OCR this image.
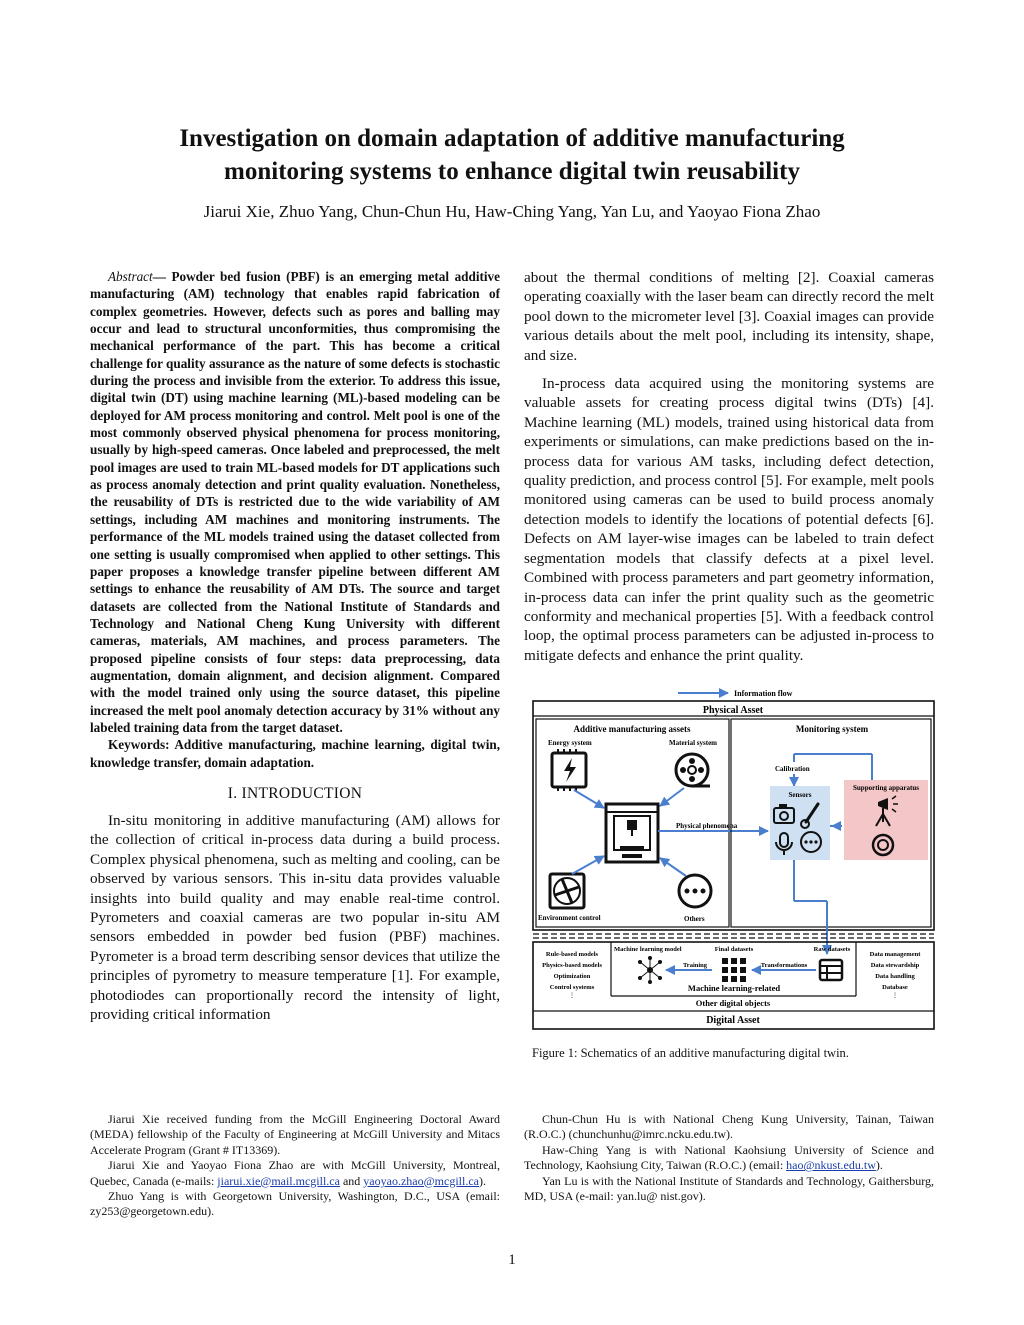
Investigation on domain adaptation of additive manufacturing
monitoring systems to enhance digital twin reusability
Jiarui Xie, Zhuo Yang, Chun-Chun Hu, Haw-Ching Yang, Yan Lu, and Yaoyao Fiona Zhao

Abstract— Powder bed fusion (PBF) is an emerging metal additive manufacturing (AM) technology that enables rapid fabrication of complex geometries. However, defects such as pores and balling may occur and lead to structural unconformities, thus compromising the mechanical performance of the part. This has become a critical challenge for quality assurance as the nature of some defects is stochastic during the process and invisible from the exterior. To address this issue, digital twin (DT) using machine learning (ML)-based modeling can be deployed for AM process monitoring and control. Melt pool is one of the most commonly observed physical phenomena for process monitoring, usually by high-speed cameras. Once labeled and preprocessed, the melt pool images are used to train ML-based models for DT applications such as process anomaly detection and print quality evaluation. Nonetheless, the reusability of DTs is restricted due to the wide variability of AM settings, including AM machines and monitoring instruments. The performance of the ML models trained using the dataset collected from one setting is usually compromised when applied to other settings. This paper proposes a knowledge transfer pipeline between different AM settings to enhance the reusability of AM DTs. The source and target datasets are collected from the National Institute of Standards and Technology and National Cheng Kung University with different cameras, materials, AM machines, and process parameters. The proposed pipeline consists of four steps: data preprocessing, data augmentation, domain alignment, and decision alignment. Compared with the model trained only using the source dataset, this pipeline increased the melt pool anomaly detection accuracy by 31% without any labeled training data from the target dataset.

Keywords: Additive manufacturing, machine learning, digital twin, knowledge transfer, domain adaptation.

I. INTRODUCTION

In-situ monitoring in additive manufacturing (AM) allows for the collection of critical in-process data during a build process. Complex physical phenomena, such as melting and cooling, can be observed by various sensors. This in-situ data provides valuable insights into build quality and may enable real-time control. Pyrometers and coaxial cameras are two popular in-situ AM sensors embedded in powder bed fusion (PBF) machines. Pyrometer is a broad term describing sensor devices that utilize the principles of pyrometry to measure temperature [1]. For example, photodiodes can proportionally record the intensity of light, providing critical information

about the thermal conditions of melting [2]. Coaxial cameras operating coaxially with the laser beam can directly record the melt pool down to the micrometer level [3]. Coaxial images can provide various details about the melt pool, including its intensity, shape, and size.

In-process data acquired using the monitoring systems are valuable assets for creating process digital twins (DTs) [4]. Machine learning (ML) models, trained using historical data from experiments or simulations, can make predictions based on the in-process data for various AM tasks, including defect detection, quality prediction, and process control [5]. For example, melt pools monitored using cameras can be used to build process anomaly detection models to identify the locations of potential defects [6]. Defects on AM layer-wise images can be labeled to train defect segmentation models that classify defects at a pixel level. Combined with process parameters and part geometry information, in-process data can infer the print quality such as the geometric conformity and mechanical properties [5]. With a feedback control loop, the optimal process parameters can be adjusted in-process to mitigate defects and enhance the print quality.

Information flow
Physical Asset
Additive manufacturing assets
Energy system	Material system
Environment control	Others
Physical phenomena
Monitoring system
Calibration
Sensors
Supporting apparatus
Other digital objects
Digital Asset
Rule-based models
Physics-based models
Optimization
Control systems
⋮
Machine learning model	Final datasets	Raw datasets
Training	Transformations
Machine learning-related
Data management
Data stewardship
Data handling
Database
⋮
Figure 1: Schematics of an additive manufacturing digital twin.

Jiarui Xie received funding from the McGill Engineering Doctoral Award (MEDA) fellowship of the Faculty of Engineering at McGill University and Mitacs Accelerate Program (Grant # IT13369).

Jiarui Xie and Yaoyao Fiona Zhao are with McGill University, Montreal, Quebec, Canada (e-mails: jiarui.xie@mail.mcgill.ca and yaoyao.zhao@mcgill.ca).

Zhuo Yang is with Georgetown University, Washington, D.C., USA (email: zy253@georgetown.edu).

Chun-Chun Hu is with National Cheng Kung University, Tainan, Taiwan (R.O.C.) (chunchunhu@imrc.ncku.edu.tw).

Haw-Ching Yang is with National Kaohsiung University of Science and Technology, Kaohsiung City, Taiwan (R.O.C.) (email: hao@nkust.edu.tw).

Yan Lu is with the National Institute of Standards and Technology, Gaithersburg, MD, USA (e-mail: yan.lu@ nist.gov).

1
